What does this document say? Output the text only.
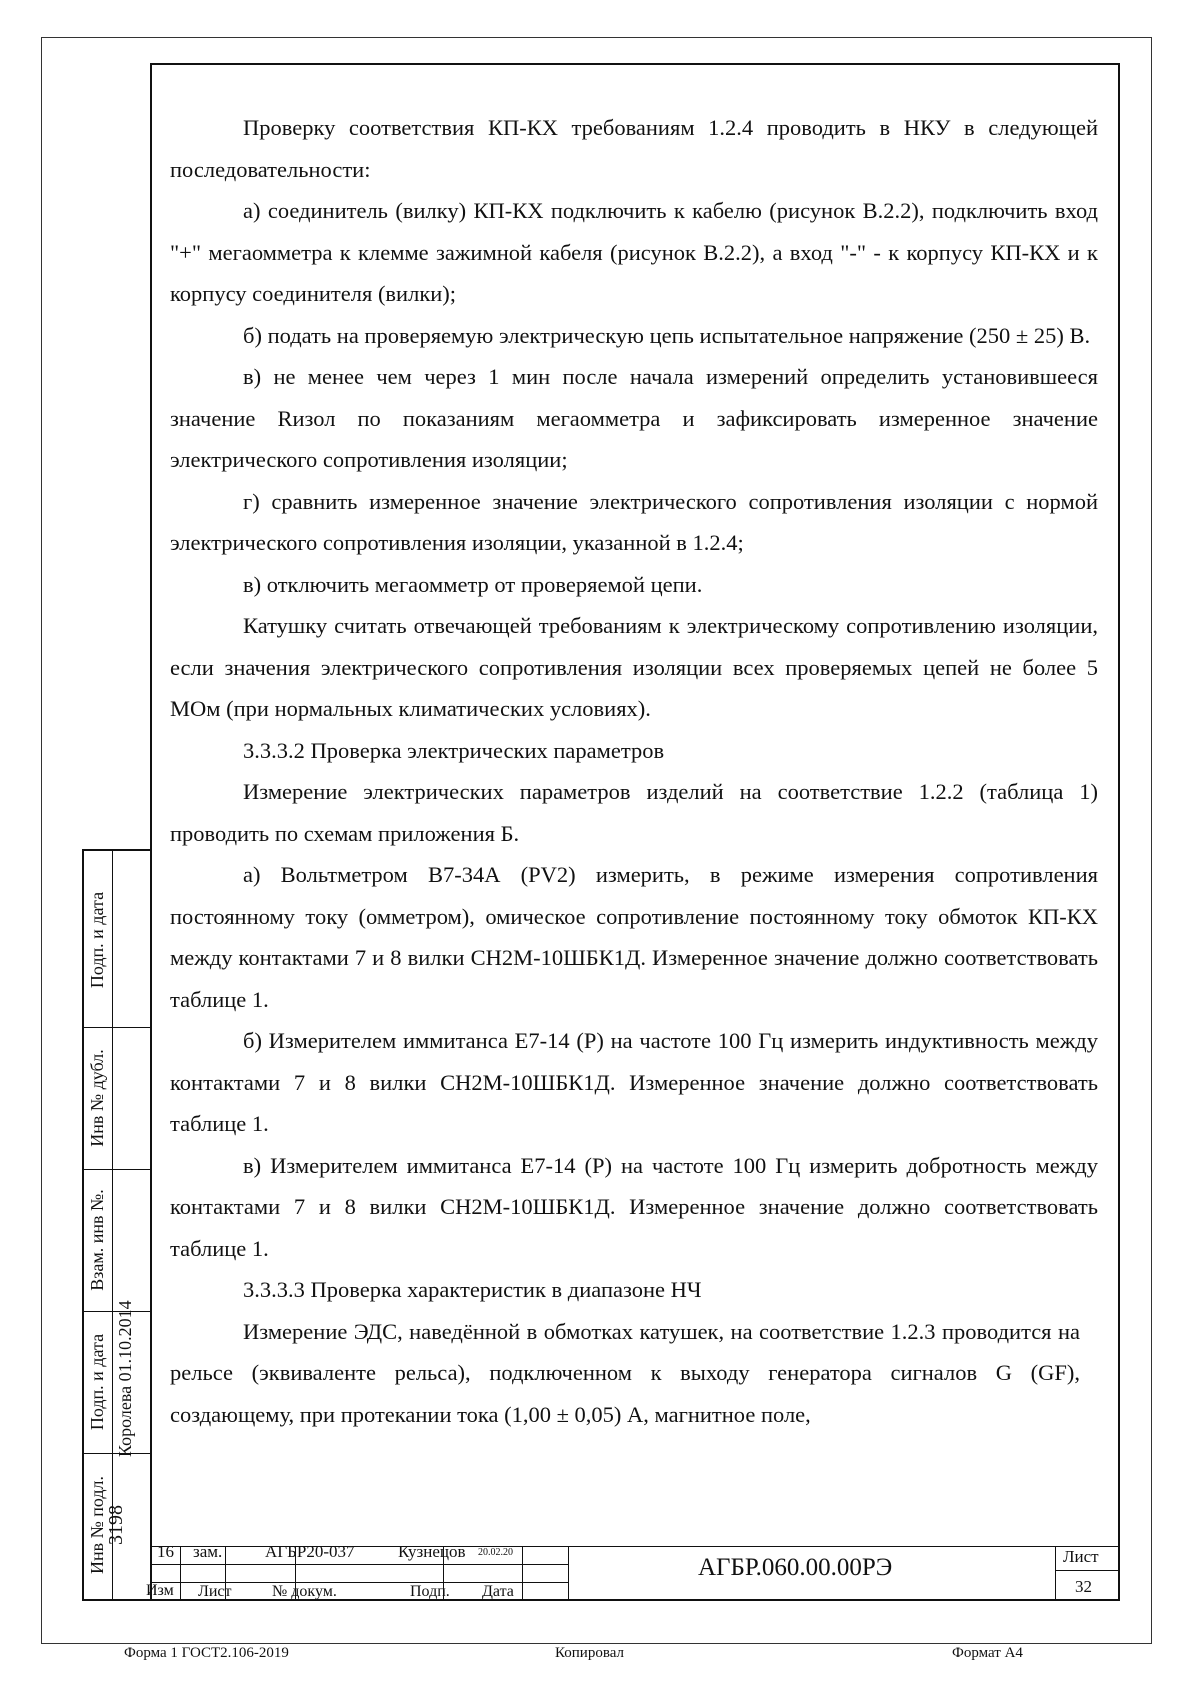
Проверку соответствия КП-КХ требованиям 1.2.4 проводить в НКУ в следующей последовательности:

а) соединитель (вилку) КП-КХ подключить к кабелю (рисунок В.2.2), подключить вход "+" мегаомметра к клемме зажимной кабеля (рисунок В.2.2), а вход "-" - к корпусу КП-КХ и к корпусу соединителя (вилки);

б) подать на проверяемую электрическую цепь испытательное напряжение (250 ± 25) В.

в) не менее чем через 1 мин после начала измерений определить установившееся значение Rизол по показаниям мегаомметра и зафиксировать измеренное значение электрического сопротивления изоляции;

г) сравнить измеренное значение электрического сопротивления изоляции с нормой электрического сопротивления изоляции, указанной в 1.2.4;

в) отключить мегаомметр от проверяемой цепи.

Катушку считать отвечающей требованиям к электрическому сопротивлению изоляции, если значения электрического сопротивления изоляции всех проверяемых цепей не более 5 МОм (при нормальных климатических условиях).

3.3.3.2 Проверка электрических параметров

Измерение электрических параметров изделий на соответствие 1.2.2 (таблица 1) проводить по схемам приложения Б.

а) Вольтметром В7-34А (PV2) измерить, в режиме измерения сопротивления постоянному току (омметром), омическое сопротивление постоянному току обмоток КП-КХ между контактами 7 и 8 вилки СН2М-10ШБК1Д. Измеренное значение должно соответствовать таблице 1.

б) Измерителем иммитанса Е7-14 (Р) на частоте 100 Гц измерить индуктивность между контактами 7 и 8 вилки СН2М-10ШБК1Д. Измеренное значение должно соответствовать таблице 1.

в) Измерителем иммитанса Е7-14 (Р) на частоте 100 Гц измерить добротность между контактами 7 и 8 вилки СН2М-10ШБК1Д. Измеренное значение должно соответствовать таблице 1.

3.3.3.3 Проверка характеристик в диапазоне НЧ

Измерение ЭДС, наведённой в обмотках катушек, на соответствие 1.2.3 проводится на рельсе (эквиваленте рельса), подключенном к выходу генератора сигналов G (GF), создающему, при протекании тока (1,00 ± 0,05) А, магнитное поле,

Подп. и дата
Инв № дубл.
Взам. инв №.
Подп. и дата Королева 01.10.2014
Инв № подл.
3198
16 зам.	АГБР20-037	Кузнецов 20.02.20
Изм Лист	№ докум.	Подп. Дата
АГБР.060.00.00РЭ	Лист
32
Форма 1 ГОСТ2.106-2019	Копировал	Формат А4
